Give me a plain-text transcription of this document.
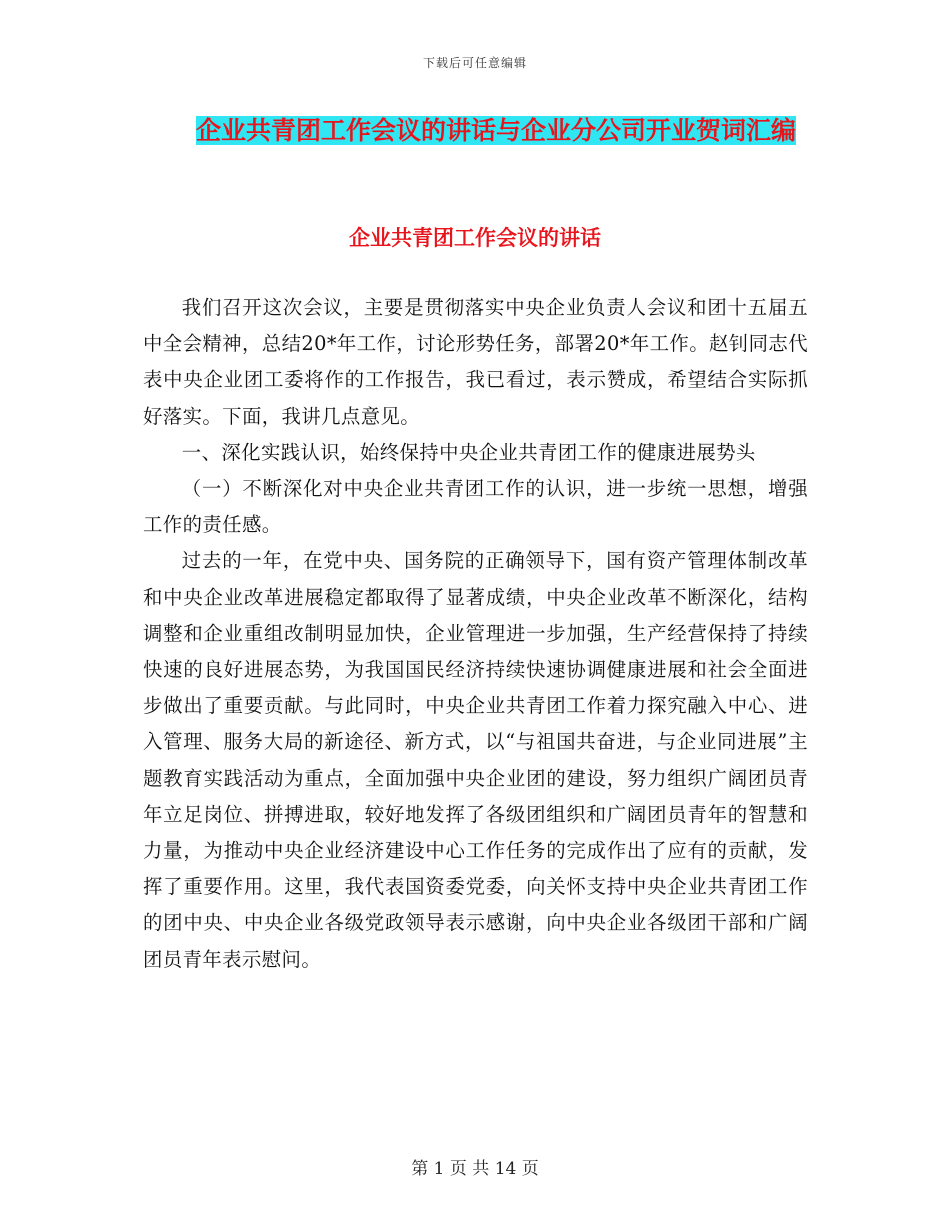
下载后可任意编辑
企业共青团工作会议的讲话与企业分公司开业贺词汇编
企业共青团工作会议的讲话

我们召开这次会议，主要是贯彻落实中央企业负责人会议和团十五届五中全会精神，总结20*年工作，讨论形势任务，部署20*年工作。赵钊同志代表中央企业团工委将作的工作报告，我已看过，表示赞成，希望结合实际抓好落实。下面，我讲几点意见。

一、深化实践认识，始终保持中央企业共青团工作的健康进展势头

（一）不断深化对中央企业共青团工作的认识，进一步统一思想，增强工作的责任感。

过去的一年，在党中央、国务院的正确领导下，国有资产管理体制改革和中央企业改革进展稳定都取得了显著成绩，中央企业改革不断深化，结构调整和企业重组改制明显加快，企业管理进一步加强，生产经营保持了持续快速的良好进展态势，为我国国民经济持续快速协调健康进展和社会全面进步做出了重要贡献。与此同时，中央企业共青团工作着力探究融入中心、进入管理、服务大局的新途径、新方式，以“与祖国共奋进，与企业同进展”主题教育实践活动为重点，全面加强中央企业团的建设，努力组织广阔团员青年立足岗位、拼搏进取，较好地发挥了各级团组织和广阔团员青年的智慧和力量，为推动中央企业经济建设中心工作任务的完成作出了应有的贡献，发挥了重要作用。这里，我代表国资委党委，向关怀支持中央企业共青团工作的团中央、中央企业各级党政领导表示感谢，向中央企业各级团干部和广阔团员青年表示慰问。

第 1 页 共 14 页
